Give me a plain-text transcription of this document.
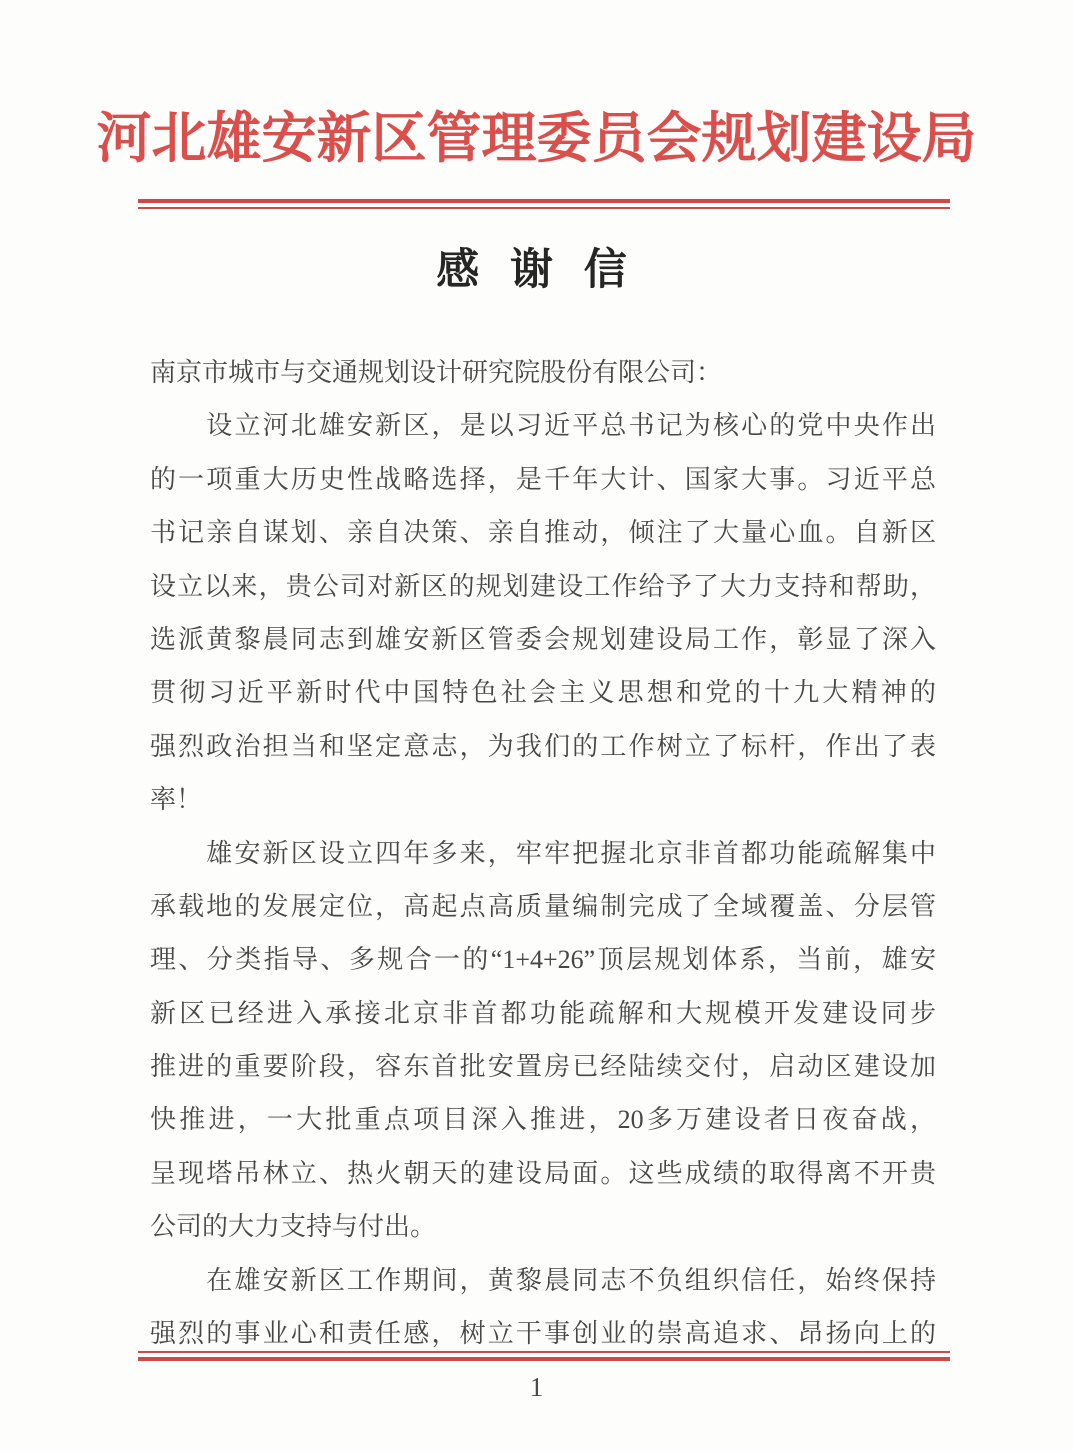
河北雄安新区管理委员会规划建设局
感 谢 信
南京市城市与交通规划设计研究院股份有限公司：
　　设立河北雄安新区，是以习近平总书记为核心的党中央作出
的一项重大历史性战略选择，是千年大计、国家大事。习近平总
书记亲自谋划、亲自决策、亲自推动，倾注了大量心血。自新区
设立以来，贵公司对新区的规划建设工作给予了大力支持和帮助，
选派黄黎晨同志到雄安新区管委会规划建设局工作，彰显了深入
贯彻习近平新时代中国特色社会主义思想和党的十九大精神的
强烈政治担当和坚定意志，为我们的工作树立了标杆，作出了表
率！
　　雄安新区设立四年多来，牢牢把握北京非首都功能疏解集中
承载地的发展定位，高起点高质量编制完成了全域覆盖、分层管
理、分类指导、多规合一的“1+4+26”顶层规划体系，当前，雄安
新区已经进入承接北京非首都功能疏解和大规模开发建设同步
推进的重要阶段，容东首批安置房已经陆续交付，启动区建设加
快推进，一大批重点项目深入推进，20多万建设者日夜奋战，
呈现塔吊林立、热火朝天的建设局面。这些成绩的取得离不开贵
公司的大力支持与付出。
　　在雄安新区工作期间，黄黎晨同志不负组织信任，始终保持
强烈的事业心和责任感，树立干事创业的崇高追求、昂扬向上的
1
